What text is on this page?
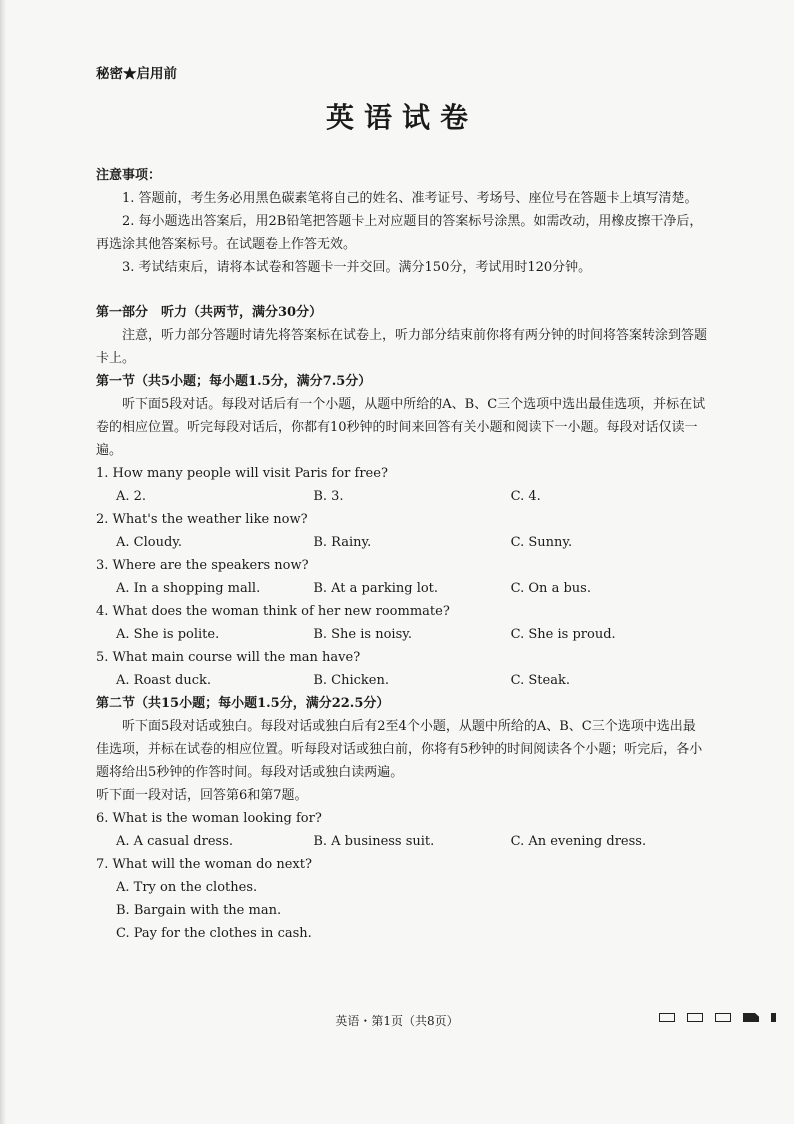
秘密★启用前
英语试卷
注意事项：

1. 答题前，考生务必用黑色碳素笔将自己的姓名、准考证号、考场号、座位号在答题卡上填写清楚。

2. 每小题选出答案后，用2B铅笔把答题卡上对应题目的答案标号涂黑。如需改动，用橡皮擦干净后，再选涂其他答案标号。在试题卷上作答无效。

3. 考试结束后，请将本试卷和答题卡一并交回。满分150分，考试用时120分钟。

第一部分　听力（共两节，满分30分）

注意，听力部分答题时请先将答案标在试卷上，听力部分结束前你将有两分钟的时间将答案转涂到答题卡上。

第一节（共5小题；每小题1.5分，满分7.5分）

听下面5段对话。每段对话后有一个小题，从题中所给的A、B、C三个选项中选出最佳选项，并标在试卷的相应位置。听完每段对话后，你都有10秒钟的时间来回答有关小题和阅读下一小题。每段对话仅读一遍。

1. How many people will visit Paris for free?
A. 2.	B. 3.	C. 4.
2. What's the weather like now?
A. Cloudy.	B. Rainy.	C. Sunny.
3. Where are the speakers now?
A. In a shopping mall.	B. At a parking lot.	C. On a bus.
4. What does the woman think of her new roommate?
A. She is polite.	B. She is noisy.	C. She is proud.
5. What main course will the man have?
A. Roast duck.	B. Chicken.	C. Steak.
第二节（共15小题；每小题1.5分，满分22.5分）

听下面5段对话或独白。每段对话或独白后有2至4个小题，从题中所给的A、B、C三个选项中选出最佳选项，并标在试卷的相应位置。听每段对话或独白前，你将有5秒钟的时间阅读各个小题；听完后，各小题将给出5秒钟的作答时间。每段对话或独白读两遍。

听下面一段对话，回答第6和第7题。
6. What is the woman looking for?
A. A casual dress.	B. A business suit.	C. An evening dress.
7. What will the woman do next?
A. Try on the clothes.
B. Bargain with the man.
C. Pay for the clothes in cash.
英语・第1页（共8页）
